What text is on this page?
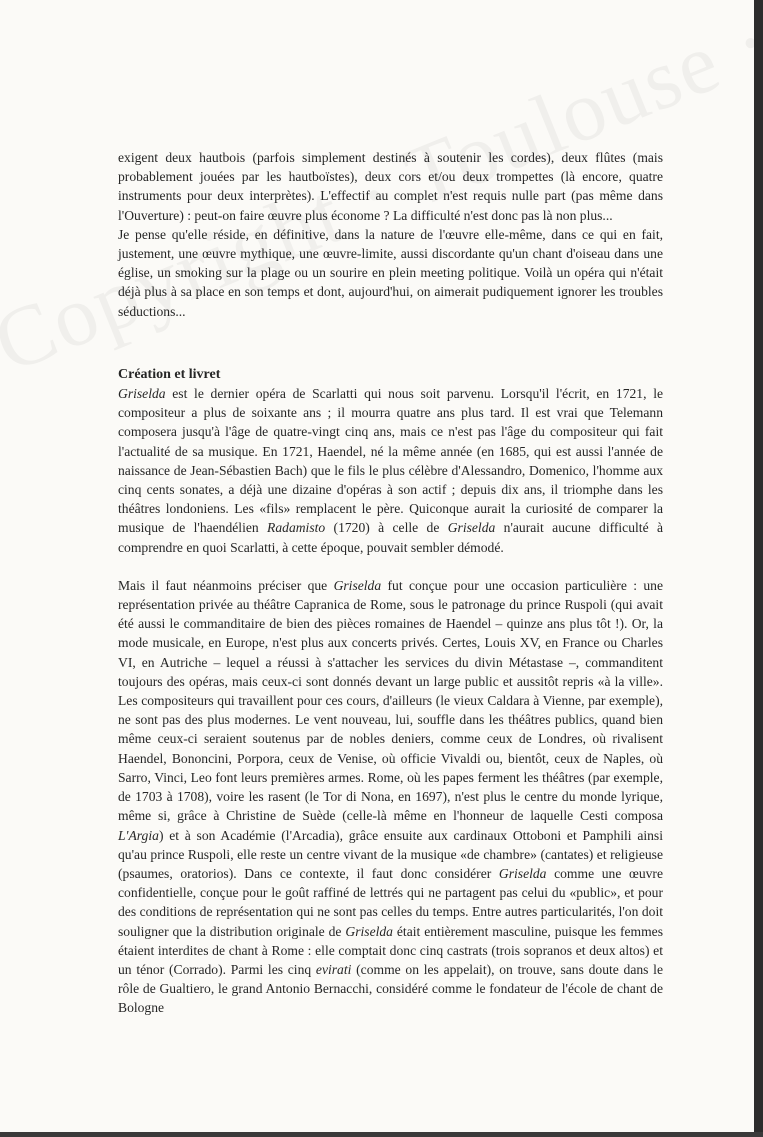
exigent deux hautbois (parfois simplement destinés à soutenir les cordes), deux flûtes (mais probablement jouées par les hautboïstes), deux cors et/ou deux trompettes (là encore, quatre instruments pour deux interprètes). L'effectif au complet n'est requis nulle part (pas même dans l'Ouverture) : peut-on faire œuvre plus économe ? La difficulté n'est donc pas là non plus...

Je pense qu'elle réside, en définitive, dans la nature de l'œuvre elle-même, dans ce qui en fait, justement, une œuvre mythique, une œuvre-limite, aussi discordante qu'un chant d'oiseau dans une église, un smoking sur la plage ou un sourire en plein meeting politique. Voilà un opéra qui n'était déjà plus à sa place en son temps et dont, aujourd'hui, on aimerait pudiquement ignorer les troubles séductions...

Création et livret

Griselda est le dernier opéra de Scarlatti qui nous soit parvenu. Lorsqu'il l'écrit, en 1721, le compositeur a plus de soixante ans ; il mourra quatre ans plus tard. Il est vrai que Telemann composera jusqu'à l'âge de quatre-vingt cinq ans, mais ce n'est pas l'âge du compositeur qui fait l'actualité de sa musique. En 1721, Haendel, né la même année (en 1685, qui est aussi l'année de naissance de Jean-Sébastien Bach) que le fils le plus célèbre d'Alessandro, Domenico, l'homme aux cinq cents sonates, a déjà une dizaine d'opéras à son actif ; depuis dix ans, il triomphe dans les théâtres londoniens. Les «fils» remplacent le père. Quiconque aurait la curiosité de comparer la musique de l'haendélien Radamisto (1720) à celle de Griselda n'aurait aucune difficulté à comprendre en quoi Scarlatti, à cette époque, pouvait sembler démodé.

Mais il faut néanmoins préciser que Griselda fut conçue pour une occasion particulière : une représentation privée au théâtre Capranica de Rome, sous le patronage du prince Ruspoli (qui avait été aussi le commanditaire de bien des pièces romaines de Haendel – quinze ans plus tôt !). Or, la mode musicale, en Europe, n'est plus aux concerts privés. Certes, Louis XV, en France ou Charles VI, en Autriche – lequel a réussi à s'attacher les services du divin Métastase –, commanditent toujours des opéras, mais ceux-ci sont donnés devant un large public et aussitôt repris «à la ville». Les compositeurs qui travaillent pour ces cours, d'ailleurs (le vieux Caldara à Vienne, par exemple), ne sont pas des plus modernes. Le vent nouveau, lui, souffle dans les théâtres publics, quand bien même ceux-ci seraient soutenus par de nobles deniers, comme ceux de Londres, où rivalisent Haendel, Bononcini, Porpora, ceux de Venise, où officie Vivaldi ou, bientôt, ceux de Naples, où Sarro, Vinci, Leo font leurs premières armes. Rome, où les papes ferment les théâtres (par exemple, de 1703 à 1708), voire les rasent (le Tor di Nona, en 1697), n'est plus le centre du monde lyrique, même si, grâce à Christine de Suède (celle-là même en l'honneur de laquelle Cesti composa L'Argia) et à son Académie (l'Arcadia), grâce ensuite aux cardinaux Ottoboni et Pamphili ainsi qu'au prince Ruspoli, elle reste un centre vivant de la musique «de chambre» (cantates) et religieuse (psaumes, oratorios). Dans ce contexte, il faut donc considérer Griselda comme une œuvre confidentielle, conçue pour le goût raffiné de lettrés qui ne partagent pas celui du «public», et pour des conditions de représentation qui ne sont pas celles du temps. Entre autres particularités, l'on doit souligner que la distribution originale de Griselda était entièrement masculine, puisque les femmes étaient interdites de chant à Rome : elle comptait donc cinq castrats (trois sopranos et deux altos) et un ténor (Corrado). Parmi les cinq evirati (comme on les appelait), on trouve, sans doute dans le rôle de Gualtiero, le grand Antonio Bernacchi, considéré comme le fondateur de l'école de chant de Bologne
